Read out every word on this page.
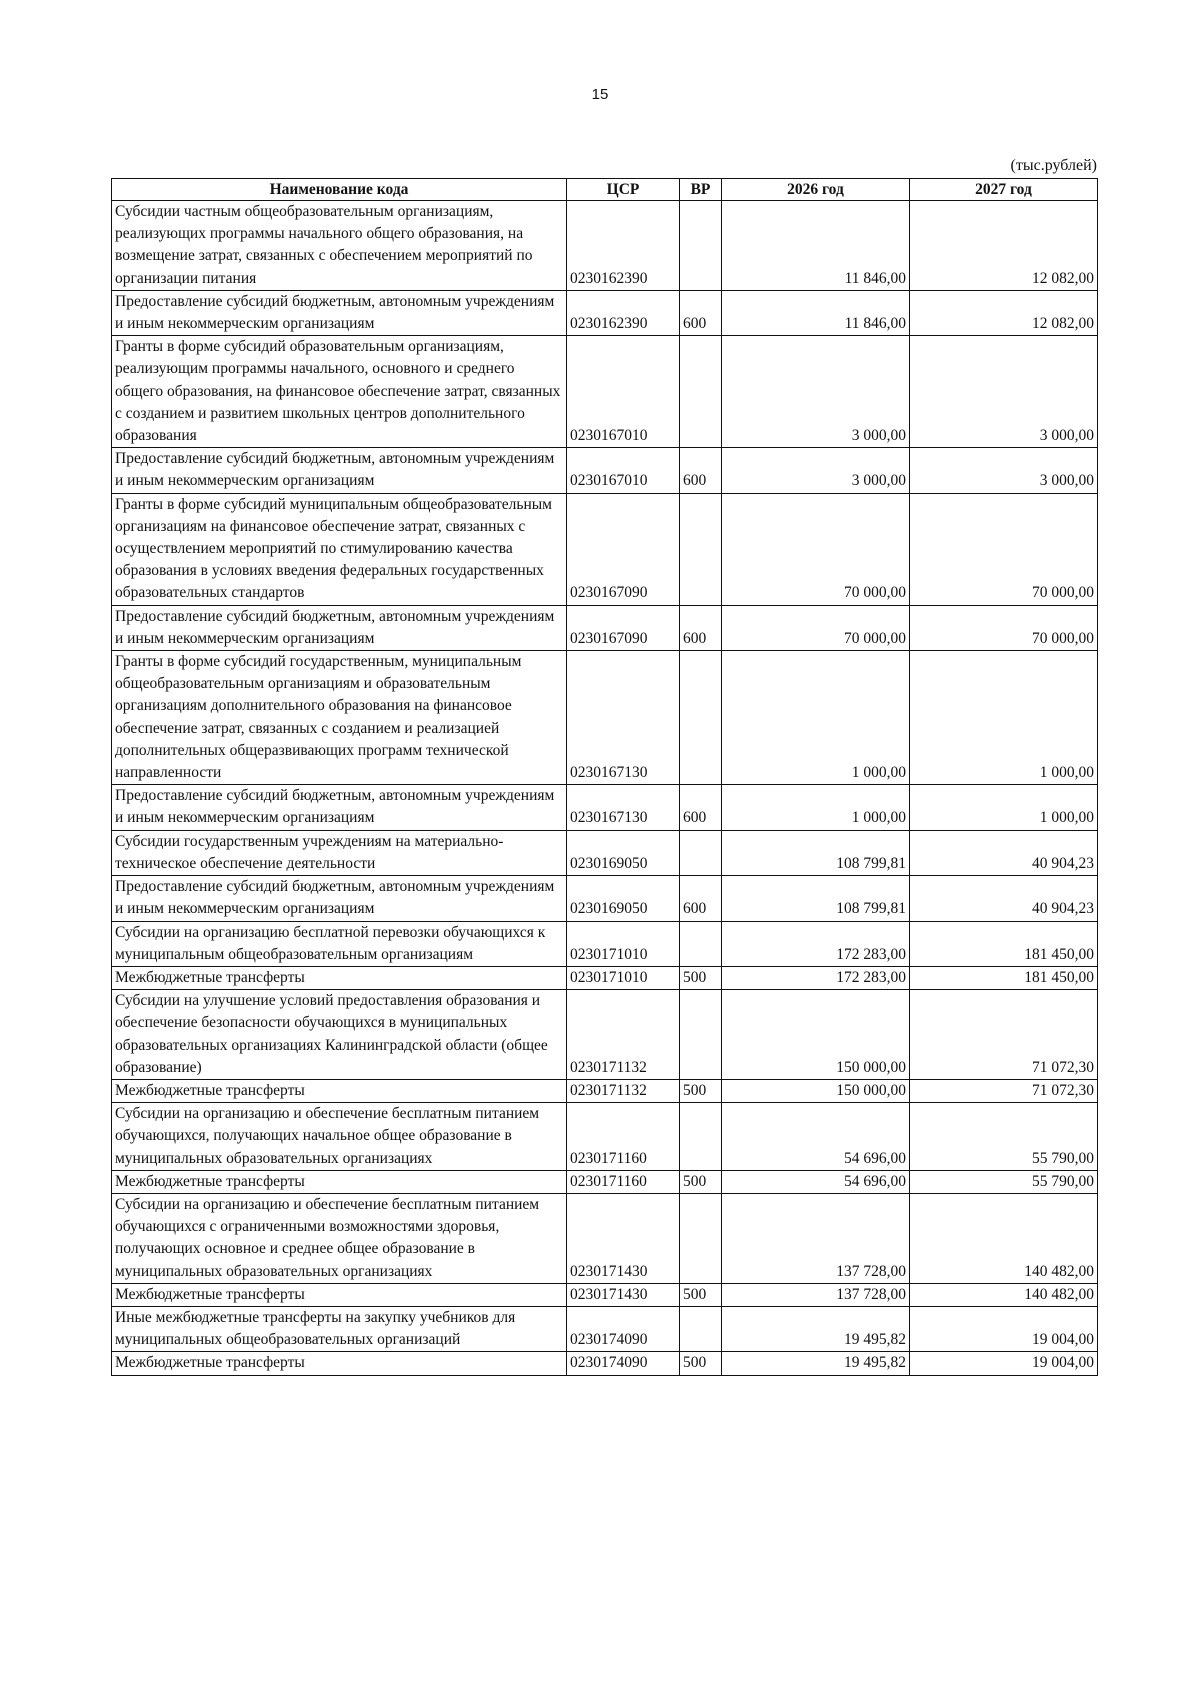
15
(тыс.рублей)
Наименование кода	ЦСР	ВР	2026 год	2027 год
Субсидии частным общеобразовательным организациям, реализующих программы начального общего образования, на возмещение затрат, связанных с обеспечением мероприятий по организации питания	0230162390		11 846,00	12 082,00
Предоставление субсидий бюджетным, автономным учреждениям и иным некоммерческим организациям	0230162390	600	11 846,00	12 082,00
Гранты в форме субсидий образовательным организациям, реализующим программы начального, основного и среднего общего образования, на финансовое обеспечение затрат, связанных с созданием и развитием школьных центров дополнительного образования	0230167010		3 000,00	3 000,00
Предоставление субсидий бюджетным, автономным учреждениям и иным некоммерческим организациям	0230167010	600	3 000,00	3 000,00
Гранты в форме субсидий муниципальным общеобразовательным организациям на финансовое обеспечение затрат, связанных с осуществлением мероприятий по стимулированию качества образования в условиях введения федеральных государственных образовательных стандартов	0230167090		70 000,00	70 000,00
Предоставление субсидий бюджетным, автономным учреждениям и иным некоммерческим организациям	0230167090	600	70 000,00	70 000,00
Гранты в форме субсидий государственным, муниципальным общеобразовательным организациям и образовательным организациям дополнительного образования на финансовое обеспечение затрат, связанных с созданием и реализацией дополнительных общеразвивающих программ технической направленности	0230167130		1 000,00	1 000,00
Предоставление субсидий бюджетным, автономным учреждениям и иным некоммерческим организациям	0230167130	600	1 000,00	1 000,00
Субсидии государственным учреждениям на материально-техническое обеспечение деятельности	0230169050		108 799,81	40 904,23
Предоставление субсидий бюджетным, автономным учреждениям и иным некоммерческим организациям	0230169050	600	108 799,81	40 904,23
Субсидии на организацию бесплатной перевозки обучающихся к муниципальным общеобразовательным организациям	0230171010		172 283,00	181 450,00
Межбюджетные трансферты	0230171010	500	172 283,00	181 450,00
Субсидии на улучшение условий предоставления образования и обеспечение безопасности обучающихся в муниципальных образовательных организациях Калининградской области (общее образование)	0230171132		150 000,00	71 072,30
Межбюджетные трансферты	0230171132	500	150 000,00	71 072,30
Субсидии на организацию и обеспечение бесплатным питанием обучающихся, получающих начальное общее образование в муниципальных образовательных организациях	0230171160		54 696,00	55 790,00
Межбюджетные трансферты	0230171160	500	54 696,00	55 790,00
Субсидии на организацию и обеспечение бесплатным питанием обучающихся с ограниченными возможностями здоровья, получающих основное и среднее общее образование в муниципальных образовательных организациях	0230171430		137 728,00	140 482,00
Межбюджетные трансферты	0230171430	500	137 728,00	140 482,00
Иные межбюджетные трансферты на закупку учебников для муниципальных общеобразовательных организаций	0230174090		19 495,82	19 004,00
Межбюджетные трансферты	0230174090	500	19 495,82	19 004,00
